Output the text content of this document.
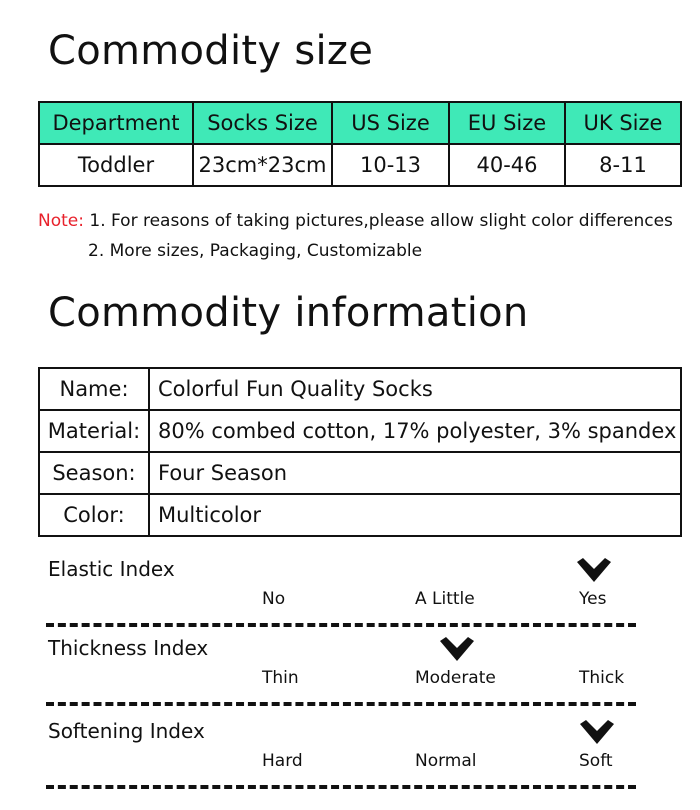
Commodity size
Department	Socks Size	US Size	EU Size	UK Size
Toddler	23cm*23cm	10-13	40-46	8-11
Note: 1. For reasons of taking pictures,please allow slight color differences
2. More sizes, Packaging, Customizable
Commodity information
Name:	Colorful Fun Quality Socks
Material:	80% combed cotton, 17% polyester, 3% spandex
Season:	Four Season
Color:	Multicolor
Elastic Index
No	A Little	Yes
Thickness Index
Thin	Moderate	Thick
Softening Index
Hard	Normal	Soft
